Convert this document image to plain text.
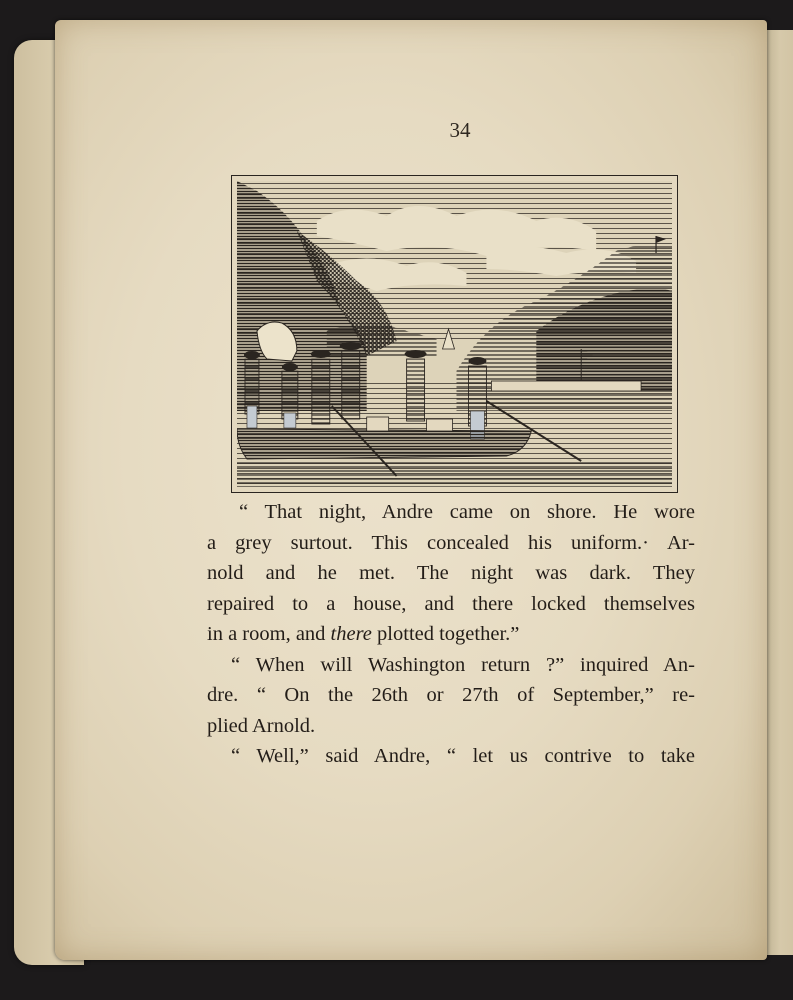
34
“ That night, Andre came on shore. He wore
a grey surtout. This concealed his uniform.· Ar-
nold and he met. The night was dark. They
repaired to a house, and there locked themselves
in a room, and there plotted together.”
“ When will Washington return ?” inquired An-
dre. “ On the 26th or 27th of September,” re-
plied Arnold.
“ Well,” said Andre, “ let us contrive to take
